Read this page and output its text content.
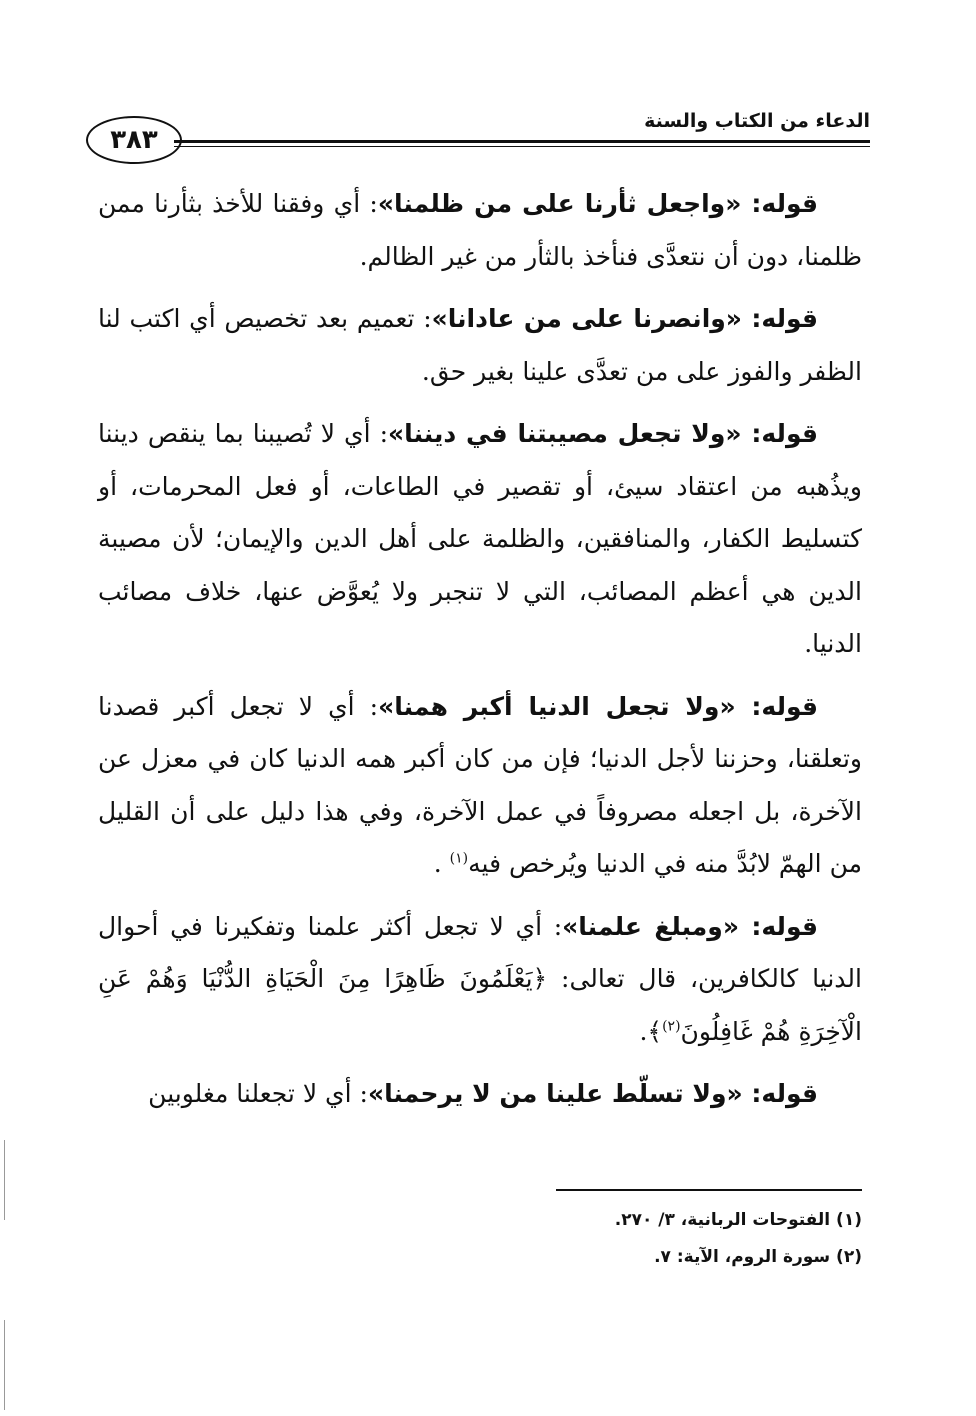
الدعاء من الكتاب والسنة
٣٨٣

قوله: «واجعل ثأرنا على من ظلمنا»: أي وفقنا للأخذ بثأرنا ممن ظلمنا، دون أن نتعدَّى فنأخذ بالثأر من غير الظالم.

قوله: «وانصرنا على من عادانا»: تعميم بعد تخصيص أي اكتب لنا الظفر والفوز على من تعدَّى علينا بغير حق.

قوله: «ولا تجعل مصيبتنا في ديننا»: أي لا تُصيبنا بما ينقص ديننا ويذُهبه من اعتقاد سيئ، أو تقصير في الطاعات، أو فعل المحرمات، أو كتسليط الكفار، والمنافقين، والظلمة على أهل الدين والإيمان؛ لأن مصيبة الدين هي أعظم المصائب، التي لا تنجبر ولا يُعوَّض عنها، خلاف مصائب الدنيا.

قوله: «ولا تجعل الدنيا أكبر همنا»: أي لا تجعل أكبر قصدنا وتعلقنا، وحزننا لأجل الدنيا؛ فإن من كان أكبر همه الدنيا كان في معزل عن الآخرة، بل اجعله مصروفاً في عمل الآخرة، وفي هذا دليل على أن القليل من الهمّ لابُدَّ منه في الدنيا ويُرخص فيه$^{(١)}$ .

قوله: «ومبلغ علمنا»: أي لا تجعل أكثر علمنا وتفكيرنا في أحوال الدنيا كالكافرين، قال تعالى: ﴿يَعْلَمُونَ ظَاهِرًا مِنَ الْحَيَاةِ الدُّنْيَا وَهُمْ عَنِ الْآخِرَةِ هُمْ غَافِلُونَ$^{(٢)}$﴾.

قوله: «ولا تسلّط علينا من لا يرحمنا»: أي لا تجعلنا مغلوبين

(١) الفتوحات الربانية، ٣/ ٢٧٠.

(٢) سورة الروم، الآية: ٧.
